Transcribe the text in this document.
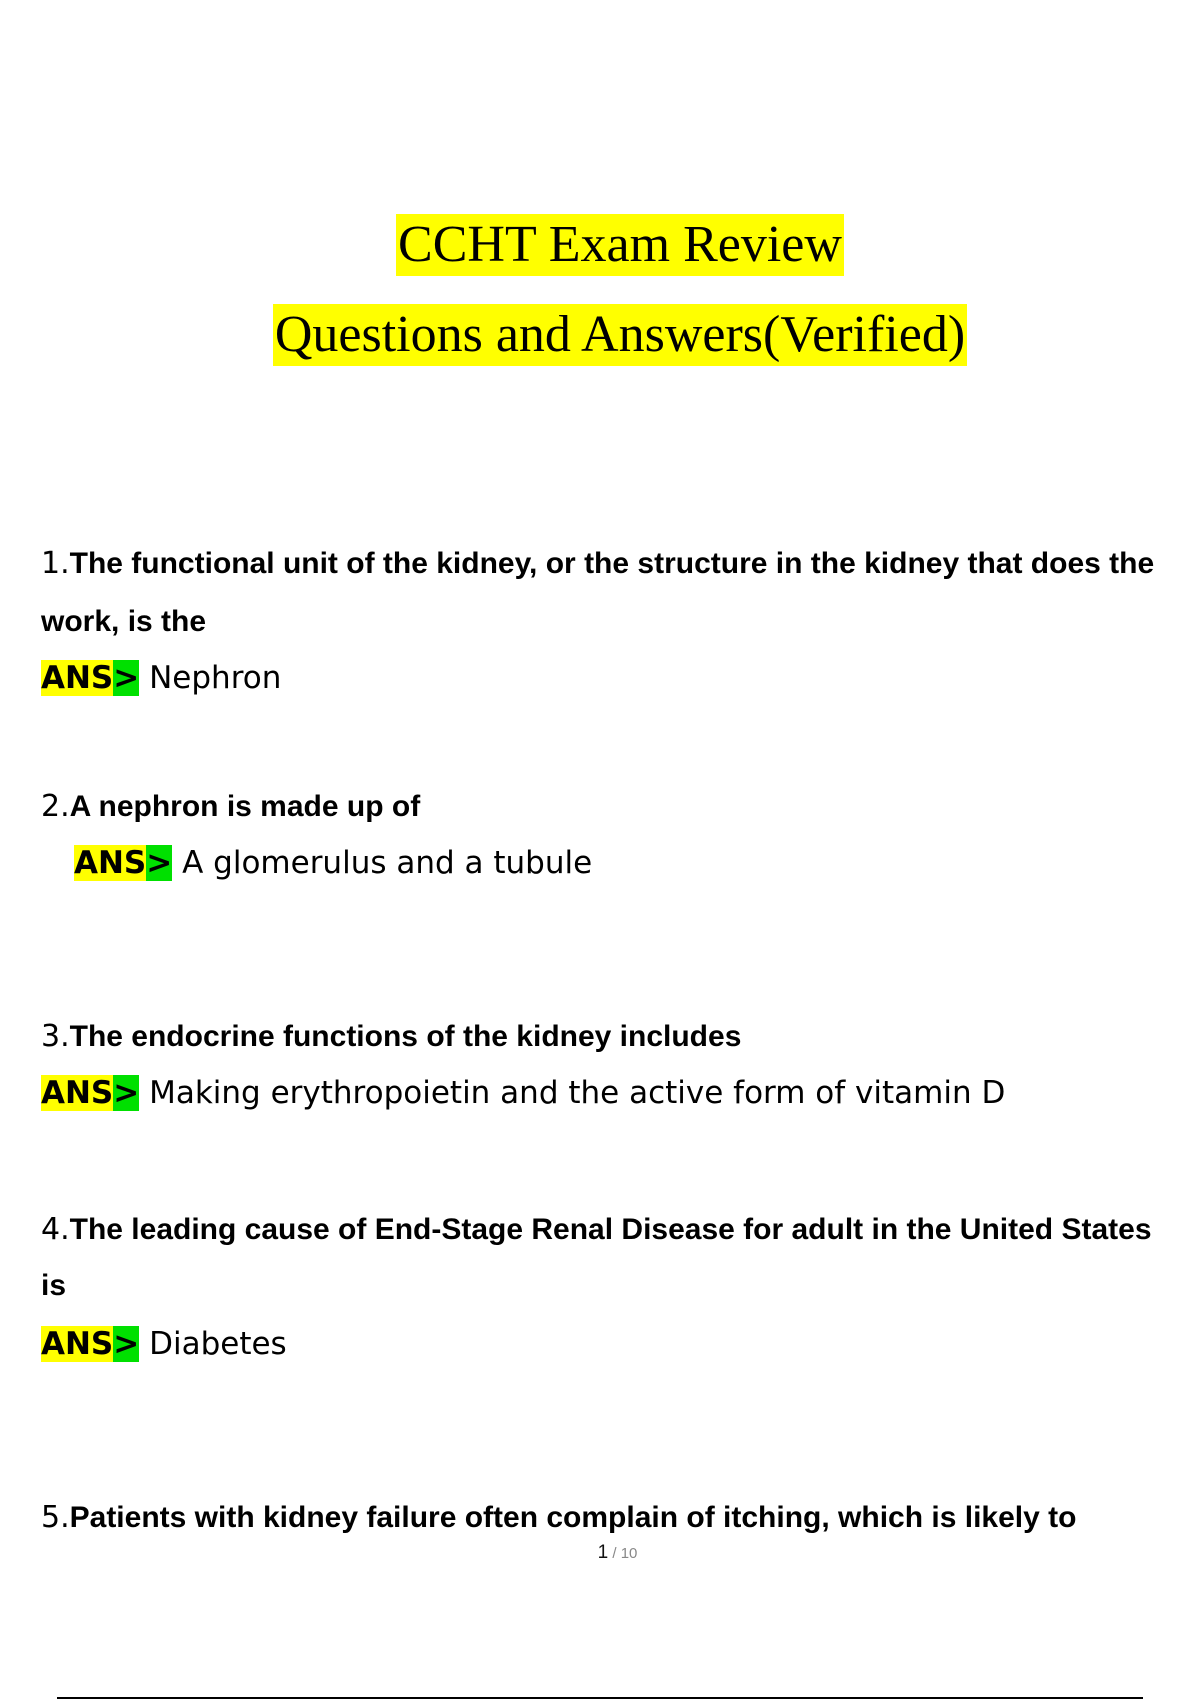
CCHT Exam Review
Questions and Answers(Verified)
1.The functional unit of the kidney, or the structure in the kidney that does the work, is the
ANS> Nephron
2.A nephron is made up of
ANS> A glomerulus and a tubule
3.The endocrine functions of the kidney includes
ANS> Making erythropoietin and the active form of vitamin D
4.The leading cause of End-Stage Renal Disease for adult in the United States is
ANS> Diabetes
5.Patients with kidney failure often complain of itching, which is likely to
1 / 10
